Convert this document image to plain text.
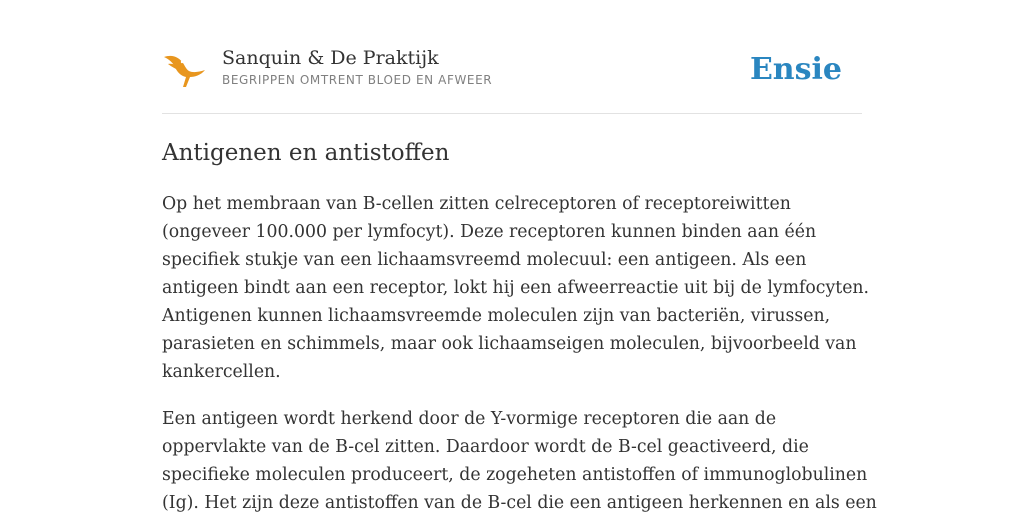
Sanquin & De Praktijk
BEGRIPPEN OMTRENT BLOED EN AFWEER	Ensie
Antigenen en antistoffen

Op het membraan van B-cellen zitten celreceptoren of receptoreiwitten
(ongeveer 100.000 per lymfocyt). Deze receptoren kunnen binden aan één
specifiek stukje van een lichaamsvreemd molecuul: een antigeen. Als een
antigeen bindt aan een receptor, lokt hij een afweerreactie uit bij de lymfocyten.
Antigenen kunnen lichaamsvreemde moleculen zijn van bacteriën, virussen,
parasieten en schimmels, maar ook lichaamseigen moleculen, bijvoorbeeld van
kankercellen.

Een antigeen wordt herkend door de Y-vormige receptoren die aan de
oppervlakte van de B-cel zitten. Daardoor wordt de B-cel geactiveerd, die
specifieke moleculen produceert, de zogeheten antistoffen of immunoglobulinen
(Ig). Het zijn deze antistoffen van de B-cel die een antigeen herkennen en als een
